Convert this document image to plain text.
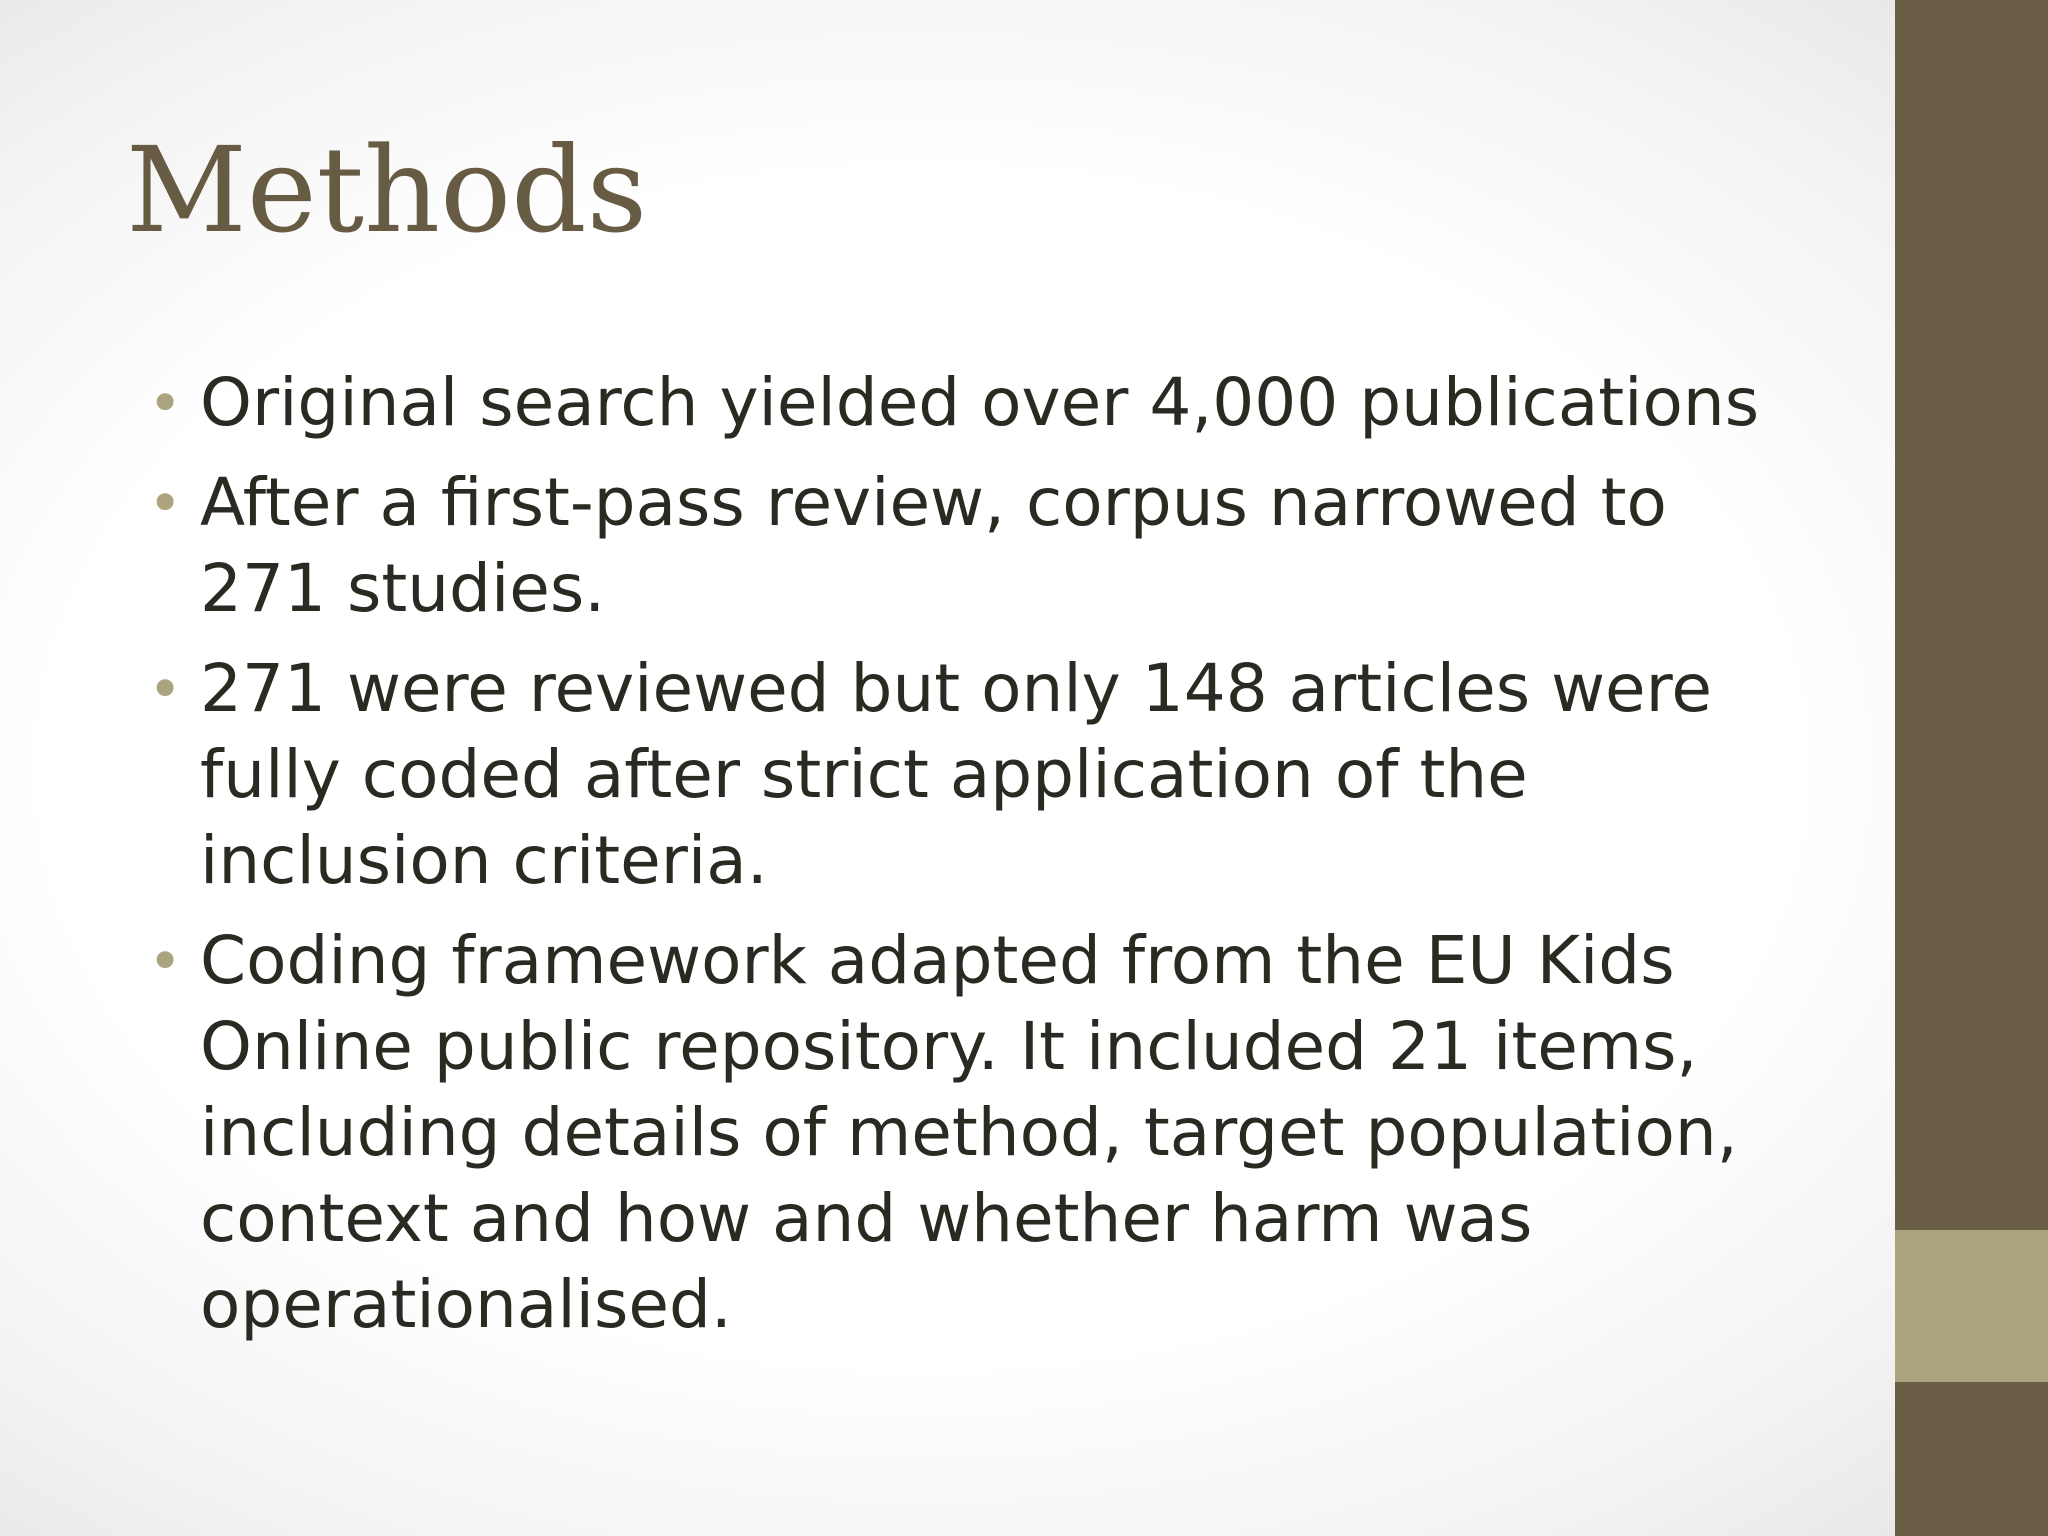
Methods
• Original search yielded over 4,000 publications
• After a first-pass review, corpus narrowed to 271 studies.
• 271 were reviewed but only 148 articles were fully coded after strict application of the inclusion criteria.
• Coding framework adapted from the EU Kids Online public repository. It included 21 items, including details of method, target population, context and how and whether harm was operationalised.
